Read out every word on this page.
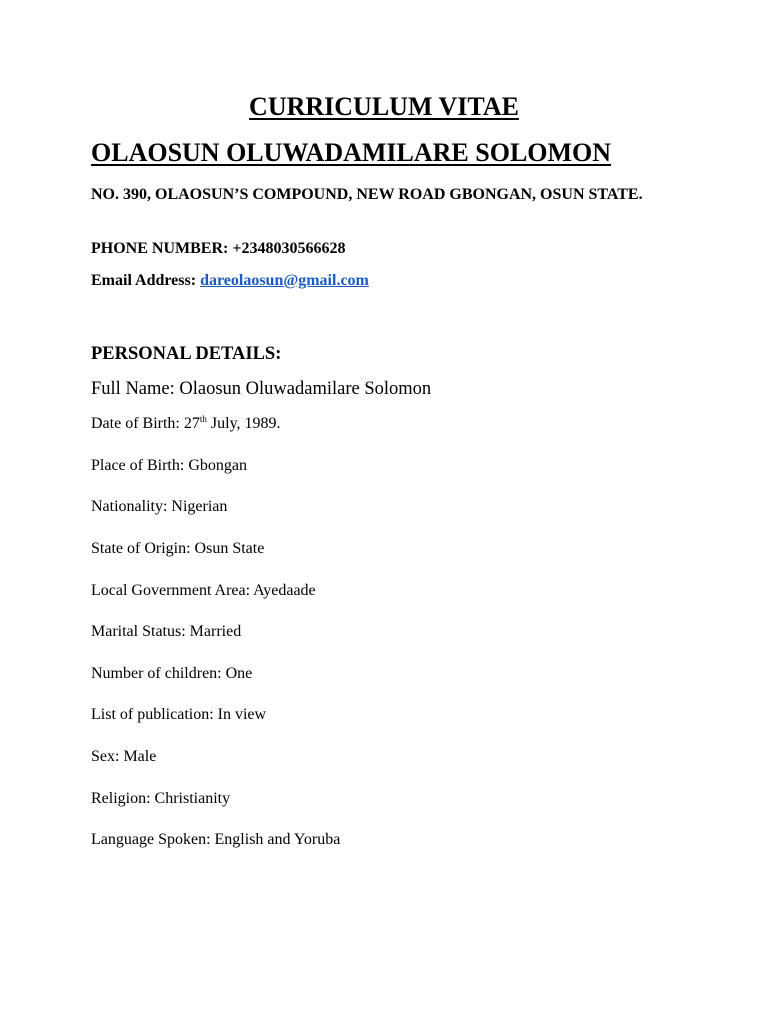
CURRICULUM VITAE
OLAOSUN OLUWADAMILARE SOLOMON
NO. 390, OLAOSUN’S COMPOUND, NEW ROAD GBONGAN, OSUN STATE.
PHONE NUMBER: +2348030566628
Email Address: dareolaosun@gmail.com
PERSONAL DETAILS:
Full Name: Olaosun Oluwadamilare Solomon
Date of Birth: 27th July, 1989.
Place of Birth: Gbongan
Nationality: Nigerian
State of Origin: Osun State
Local Government Area: Ayedaade
Marital Status: Married
Number of children: One
List of publication: In view
Sex: Male
Religion: Christianity
Language Spoken: English and Yoruba
